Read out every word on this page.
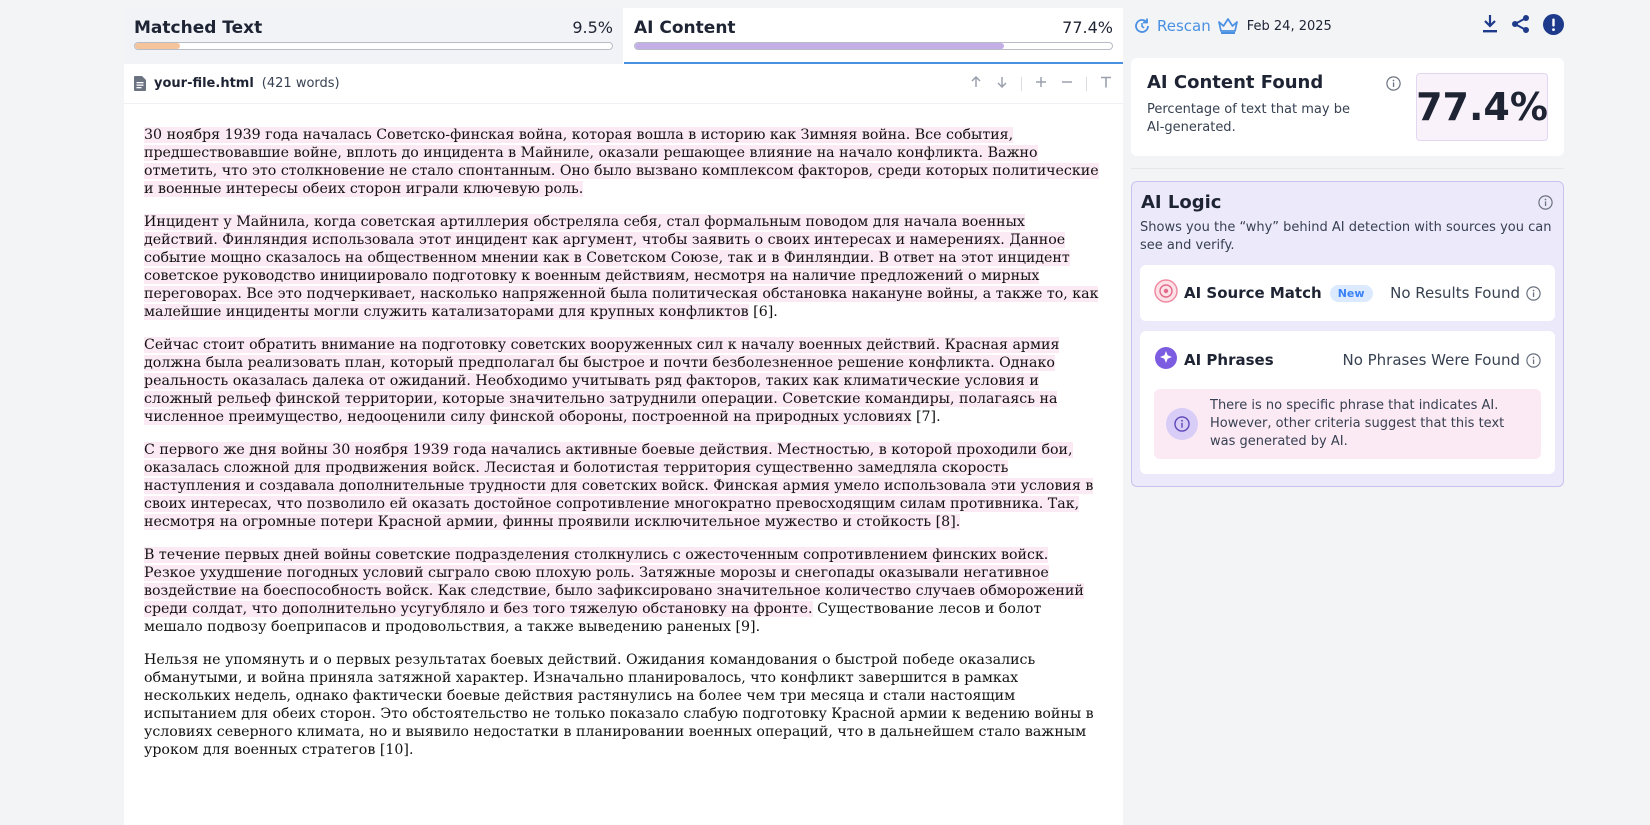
Matched Text	9.5% AI Content	77.4%
your-file.html (421 words)

30 ноября 1939 года началась Советско-финская война, которая вошла в историю как Зимняя война. Все события, предшествовавшие войне, вплоть до инцидента в Майниле, оказали решающее влияние на начало конфликта. Важно отметить, что это столкновение не стало спонтанным. Оно было вызвано комплексом факторов, среди которых политические и военные интересы обеих сторон играли ключевую роль.

Инцидент у Майнила, когда советская артиллерия обстреляла себя, стал формальным поводом для начала военных действий. Финляндия использовала этот инцидент как аргумент, чтобы заявить о своих интересах и намерениях. Данное событие мощно сказалось на общественном мнении как в Советском Союзе, так и в Финляндии. В ответ на этот инцидент советское руководство инициировало подготовку к военным действиям, несмотря на наличие предложений о мирных переговорах. Все это подчеркивает, насколько напряженной была политическая обстановка накануне войны, а также то, как малейшие инциденты могли служить катализаторами для крупных конфликтов [6].

Сейчас стоит обратить внимание на подготовку советских вооруженных сил к началу военных действий. Красная армия должна была реализовать план, который предполагал бы быстрое и почти безболезненное решение конфликта. Однако реальность оказалась далека от ожиданий. Необходимо учитывать ряд факторов, таких как климатические условия и сложный рельеф финской территории, которые значительно затруднили операции. Советские командиры, полагаясь на численное преимущество, недооценили силу финской обороны, построенной на природных условиях [7].

С первого же дня войны 30 ноября 1939 года начались активные боевые действия. Местностью, в которой проходили бои, оказалась сложной для продвижения войск. Лесистая и болотистая территория существенно замедляла скорость наступления и создавала дополнительные трудности для советских войск. Финская армия умело использовала эти условия в своих интересах, что позволило ей оказать достойное сопротивление многократно превосходящим силам противника. Так, несмотря на огромные потери Красной армии, финны проявили исключительное мужество и стойкость [8].

В течение первых дней войны советские подразделения столкнулись с ожесточенным сопротивлением финских войск. Резкое ухудшение погодных условий сыграло свою плохую роль. Затяжные морозы и снегопады оказывали негативное воздействие на боеспособность войск. Как следствие, было зафиксировано значительное количество случаев обморожений среди солдат, что дополнительно усугубляло и без того тяжелую обстановку на фронте. Существование лесов и болот мешало подвозу боеприпасов и продовольствия, а также выведению раненых [9].

Нельзя не упомянуть и о первых результатах боевых действий. Ожидания командования о быстрой победе оказались обманутыми, и война приняла затяжной характер. Изначально планировалось, что конфликт завершится в рамках нескольких недель, однако фактически боевые действия растянулись на более чем три месяца и стали настоящим испытанием для обеих сторон. Это обстоятельство не только показало слабую подготовку Красной армии к ведению войны в условиях северного климата, но и выявило недостатки в планировании военных операций, что в дальнейшем стало важным уроком для военных стратегов [10].

Rescan	Feb 24, 2025
AI Content Found
Percentage of text that may be AI-generated.	77.4%
AI Logic
Shows you the “why” behind AI detection with sources you can see and verify.
AI Source Match	New	No Results Found
AI Phrases	No Phrases Were Found
There is no specific phrase that indicates AI. However, other criteria suggest that this text was generated by AI.
